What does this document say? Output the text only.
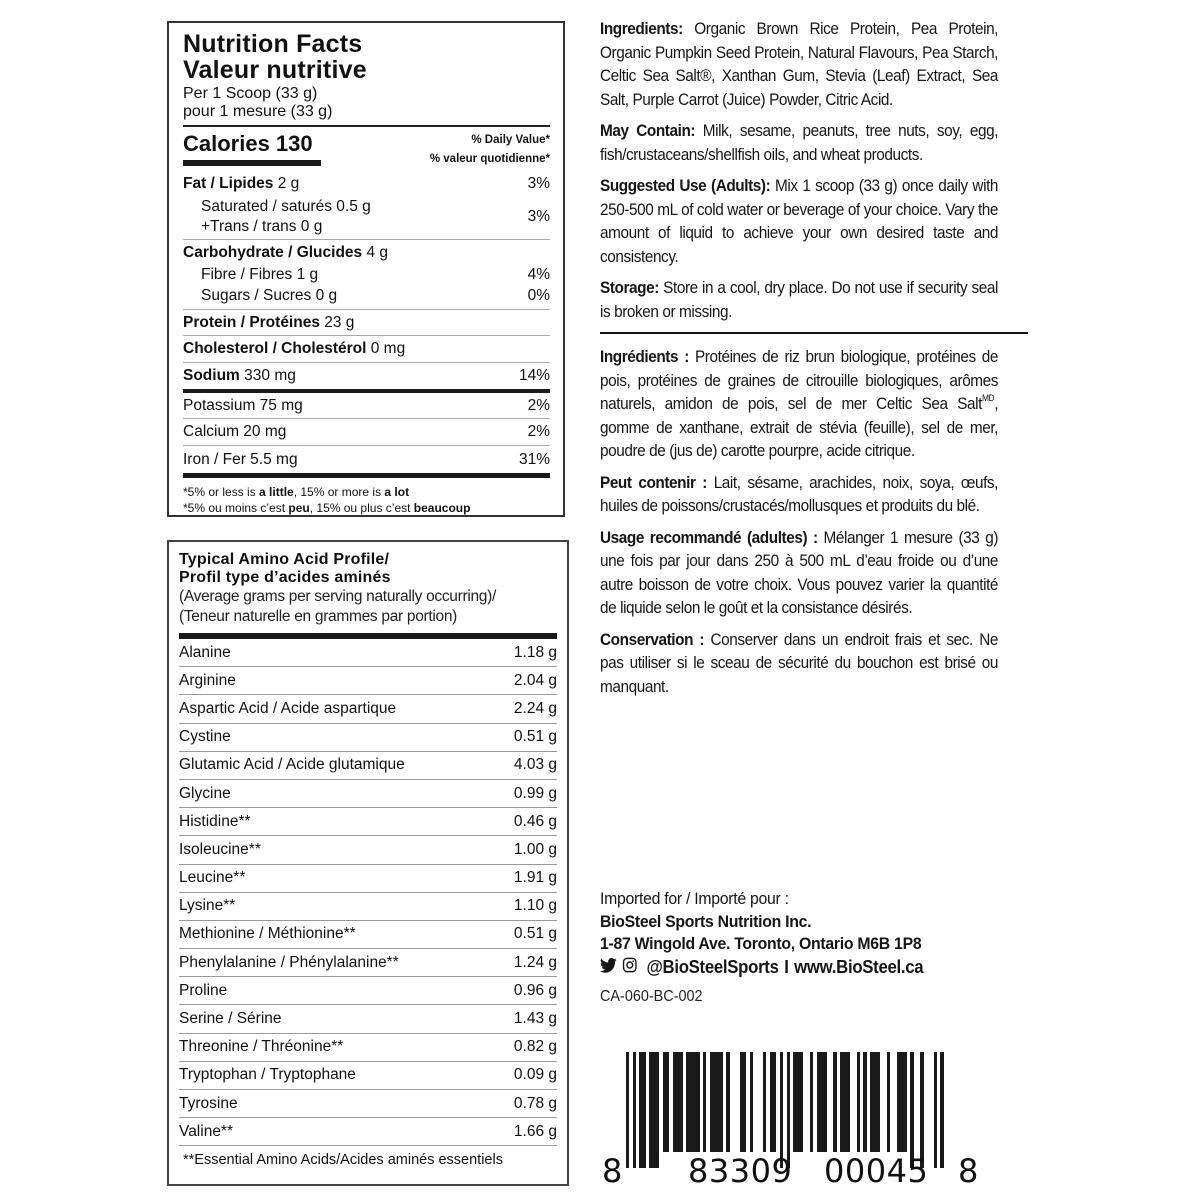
Nutrition Facts
Valeur nutritive
Per 1 Scoop (33 g)
pour 1 mesure (33 g)
Calories 130	% Daily Value*
% valeur quotidienne*
Fat / Lipides 2 g	3%
Saturated / saturés 0.5 g
+Trans / trans 0 g
3%
Carbohydrate / Glucides 4 g
Fibre / Fibres 1 g	4%
Sugars / Sucres 0 g	0%
Protein / Protéines 23 g
Cholesterol / Cholestérol 0 mg
Sodium 330 mg	14%
Potassium 75 mg	2%
Calcium 20 mg	2%
Iron / Fer 5.5 mg	31%
*5% or less is a little, 15% or more is a lot
*5% ou moins c’est peu, 15% ou plus c’est beaucoup
Typical Amino Acid Profile/
Profil type d’acides aminés
(Average grams per serving naturally occurring)/
(Teneur naturelle en grammes par portion)
Alanine	1.18 g
Arginine	2.04 g
Aspartic Acid / Acide aspartique	2.24 g
Cystine	0.51 g
Glutamic Acid / Acide glutamique	4.03 g
Glycine	0.99 g
Histidine**	0.46 g
Isoleucine**	1.00 g
Leucine**	1.91 g
Lysine**	1.10 g
Methionine / Méthionine**	0.51 g
Phenylalanine / Phénylalanine**	1.24 g
Proline	0.96 g
Serine / Sérine	1.43 g
Threonine / Thréonine**	0.82 g
Tryptophan / Tryptophane	0.09 g
Tyrosine	0.78 g
Valine**	1.66 g
**Essential Amino Acids/Acides aminés essentiels

Ingredients: Organic Brown Rice Protein, Pea Protein, Organic Pumpkin Seed Protein, Natural Flavours, Pea Starch, Celtic Sea Salt®, Xanthan Gum, Stevia (Leaf) Extract, Sea Salt, Purple Carrot (Juice) Powder, Citric Acid.

May Contain: Milk, sesame, peanuts, tree nuts, soy, egg, fish/crustaceans/shellfish oils, and wheat products.

Suggested Use (Adults): Mix 1 scoop (33 g) once daily with 250-500 mL of cold water or beverage of your choice. Vary the amount of liquid to achieve your own desired taste and consistency.

Storage: Store in a cool, dry place. Do not use if security seal is broken or missing.

Ingrédients : Protéines de riz brun biologique, protéines de pois, protéines de graines de citrouille biologiques, arômes naturels, amidon de pois, sel de mer Celtic Sea Salt$^{MD}$, gomme de xanthane, extrait de stévia (feuille), sel de mer, poudre de (jus de) carotte pourpre, acide citrique.

Peut contenir : Lait, sésame, arachides, noix, soya, œufs, huiles de poissons/crustacés/mollusques et produits du blé.

Usage recommandé (adultes) : Mélanger 1 mesure (33 g) une fois par jour dans 250 à 500 mL d’eau froide ou d’une autre boisson de votre choix. Vous pouvez varier la quantité de liquide selon le goût et la consistance désirés.

Conservation : Conserver dans un endroit frais et sec. Ne pas utiliser si le sceau de sécurité du bouchon est brisé ou manquant.

Imported for / Importé pour :
BioSteel Sports Nutrition Inc.
1-87 Wingold Ave. Toronto, Ontario M6B 1P8
@BioSteelSports I www.BioSteel.ca
CA-060-BC-002
8 83309 00045 8
